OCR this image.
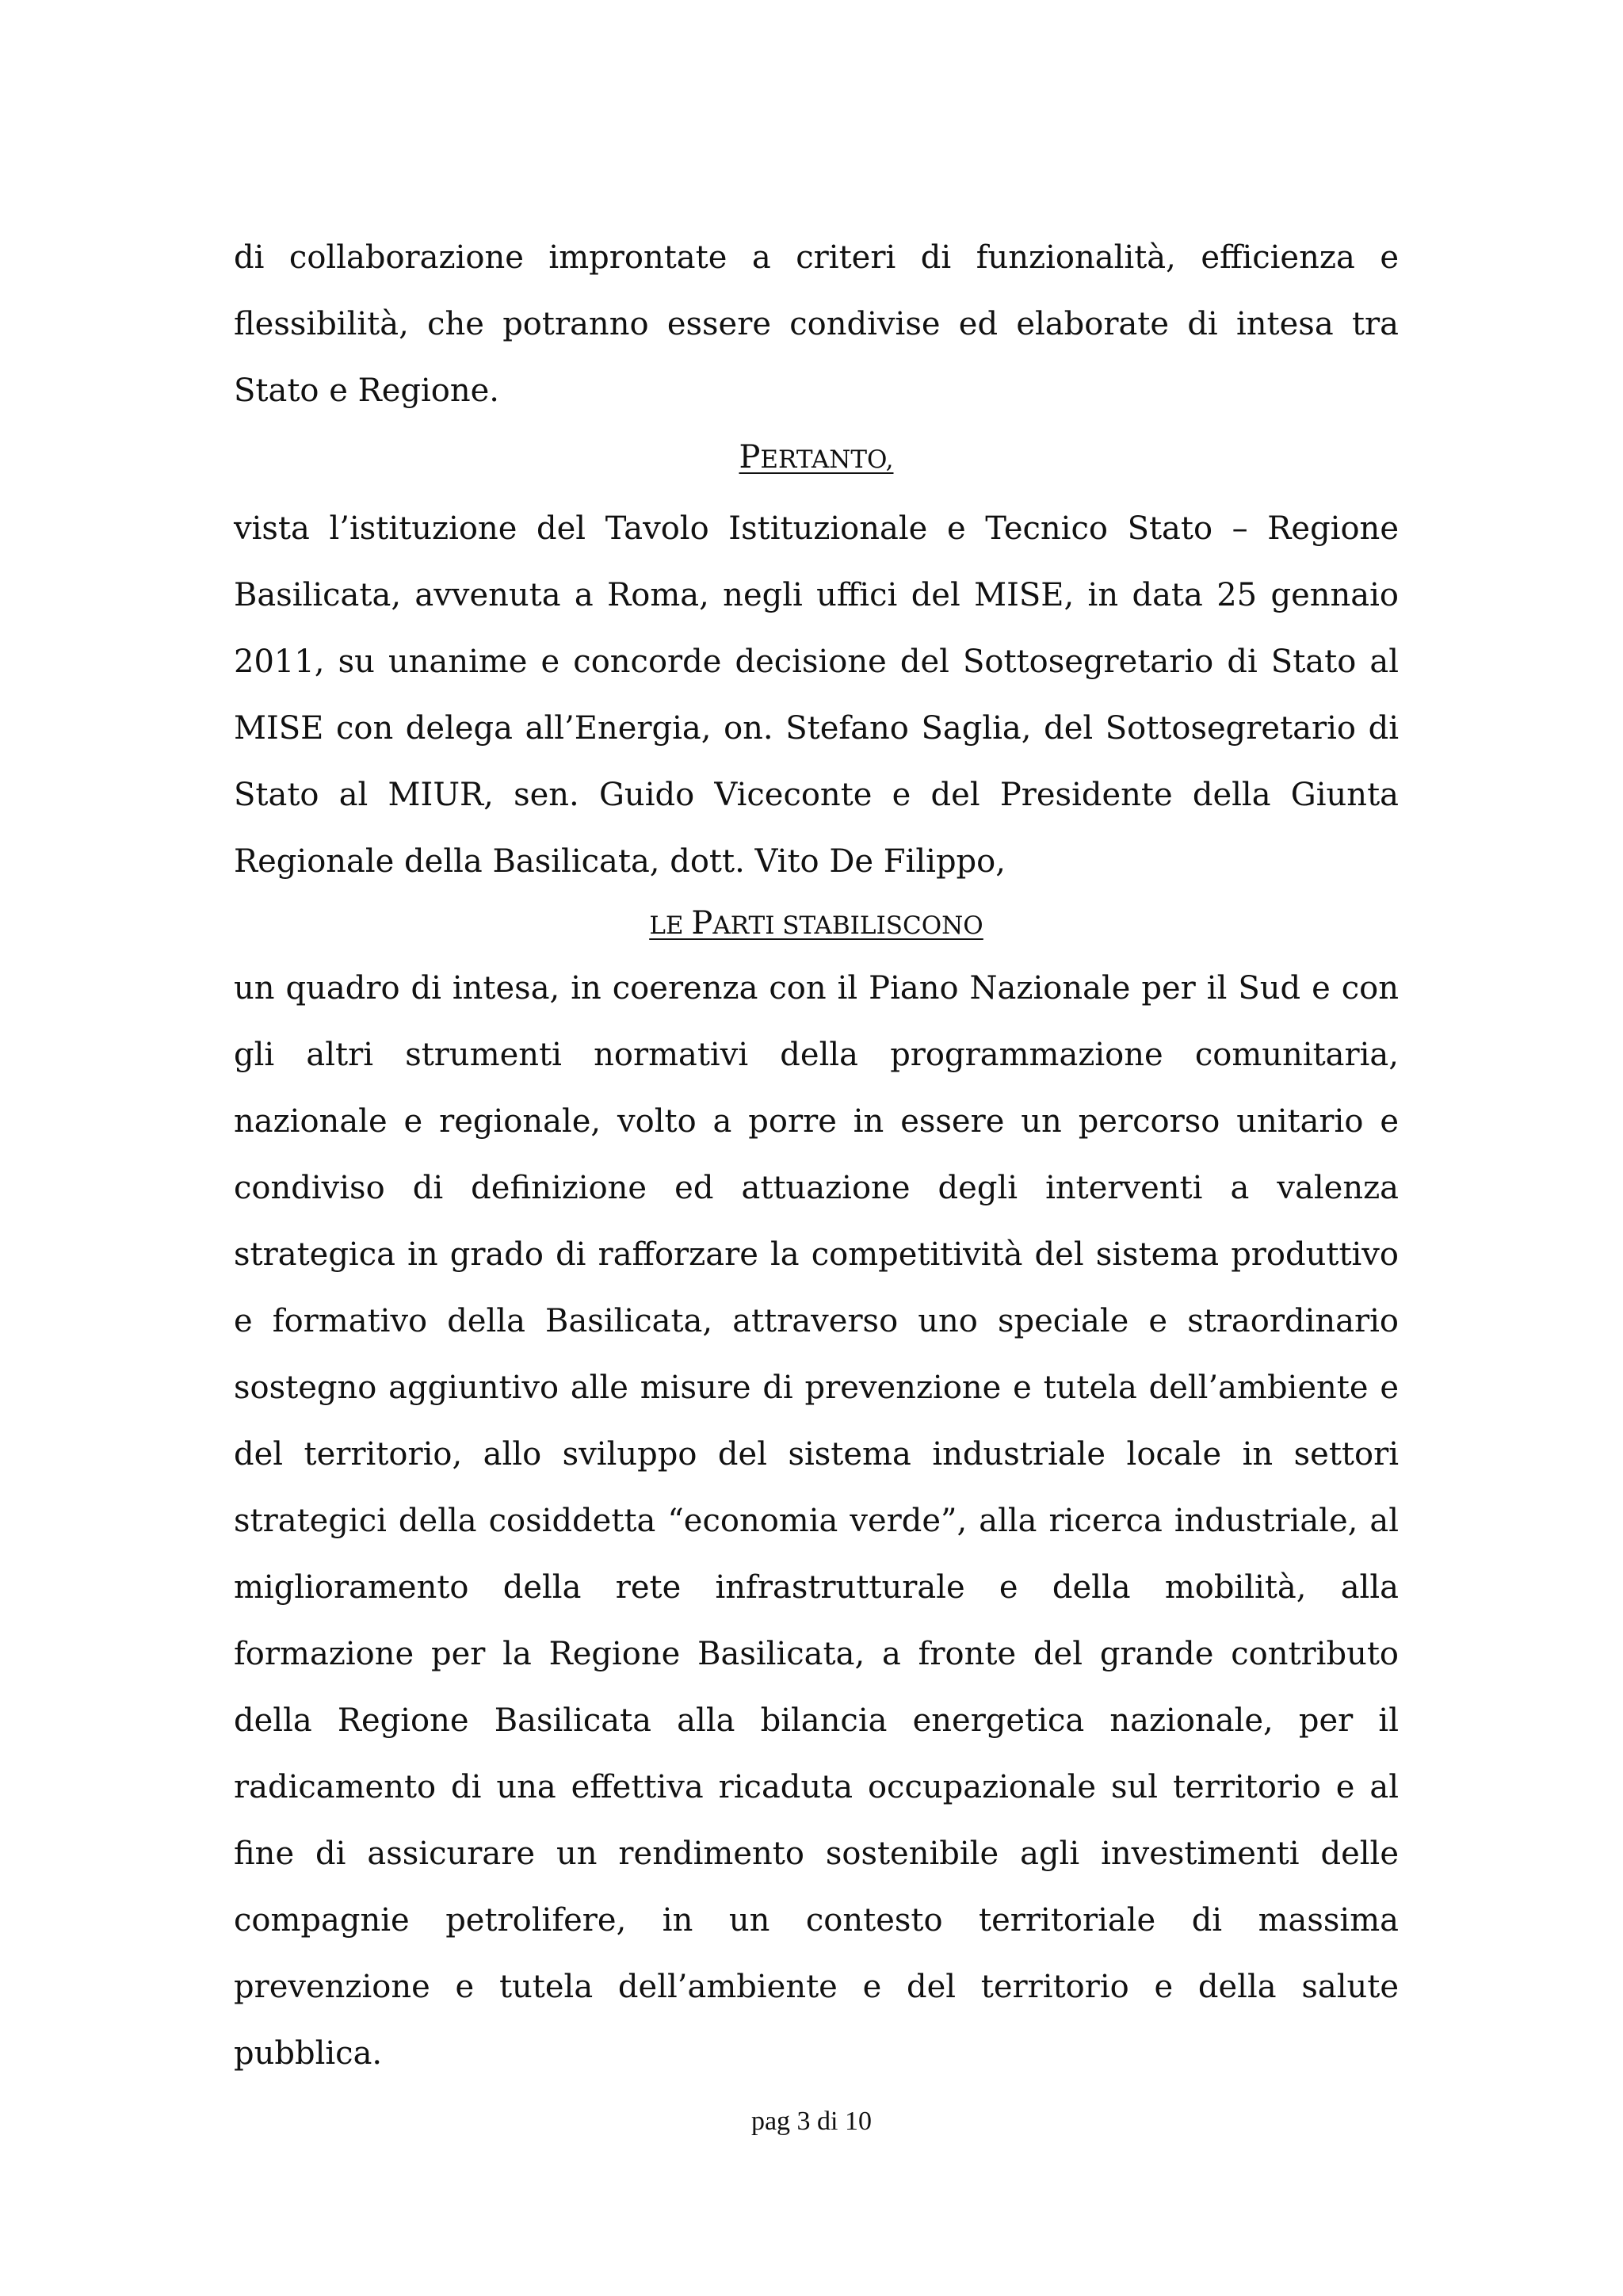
di collaborazione improntate a criteri di funzionalità, efficienza e flessibilità, che potranno essere condivise ed elaborate di intesa tra Stato e Regione.

PERTANTO,

vista l’istituzione del Tavolo Istituzionale e Tecnico Stato – Regione Basilicata, avvenuta a Roma, negli uffici del MISE, in data 25 gennaio 2011, su unanime e concorde decisione del Sottosegretario di Stato al MISE con delega all’Energia, on. Stefano Saglia, del Sottosegretario di Stato al MIUR, sen. Guido Viceconte e del Presidente della Giunta Regionale della Basilicata, dott. Vito De Filippo,

LE PARTI STABILISCONO

un quadro di intesa, in coerenza con il Piano Nazionale per il Sud e con gli altri strumenti normativi della programmazione comunitaria, nazionale e regionale, volto a porre in essere un percorso unitario e condiviso di definizione ed attuazione degli interventi a valenza strategica in grado di rafforzare la competitività del sistema produttivo e formativo della Basilicata, attraverso uno speciale e straordinario sostegno aggiuntivo alle misure di prevenzione e tutela dell’ambiente e del territorio, allo sviluppo del sistema industriale locale in settori strategici della cosiddetta “economia verde”, alla ricerca industriale, al miglioramento della rete infrastrutturale e della mobilità, alla formazione per la Regione Basilicata, a fronte del grande contributo della Regione Basilicata alla bilancia energetica nazionale, per il radicamento di una effettiva ricaduta occupazionale sul territorio e al fine di assicurare un rendimento sostenibile agli investimenti delle compagnie petrolifere, in un contesto territoriale di massima prevenzione e tutela dell’ambiente e del territorio e della salute pubblica.

pag 3 di 10
